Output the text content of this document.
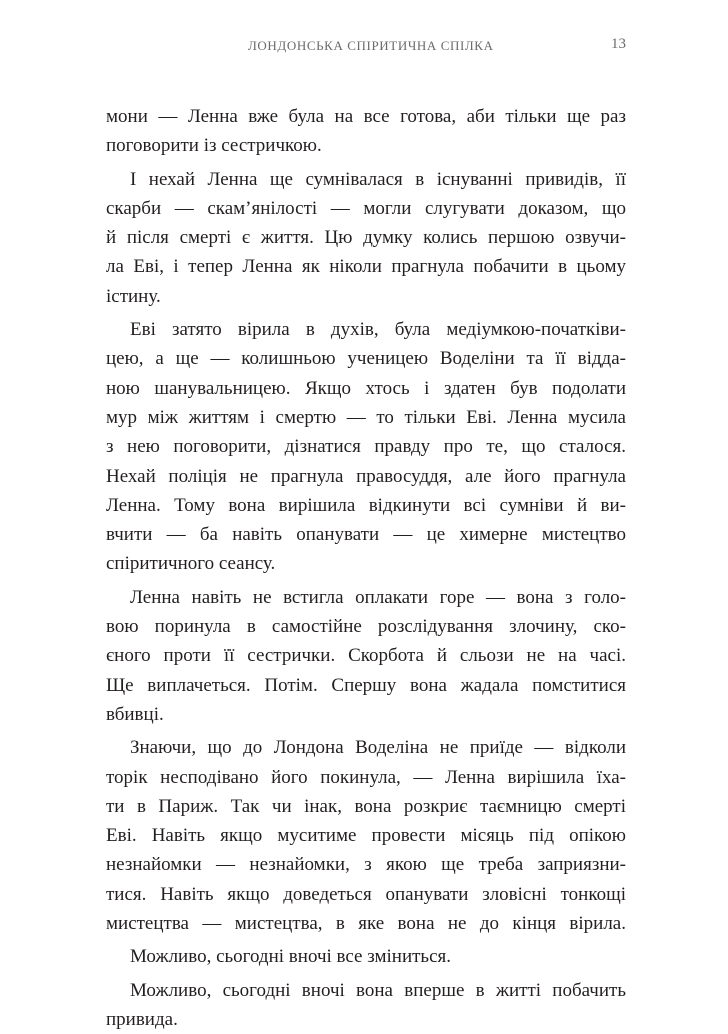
ЛОНДОНСЬКА СПІРИТИЧНА СПІЛКА	13
мони — Ленна вже була на все готова, аби тільки ще раз
поговорити із сестричкою.
І нехай Ленна ще сумнівалася в існуванні привидів, її
скарби — скам’янілості — могли слугувати доказом, що
й після смерті є життя. Цю думку колись першою озвучи-
ла Еві, і тепер Ленна як ніколи прагнула побачити в цьому
істину.
Еві затято вірила в духів, була медіумкою-початківи-
цею, а ще — колишньою ученицею Воделіни та її відда-
ною шанувальницею. Якщо хтось і здатен був подолати
мур між життям і смертю — то тільки Еві. Ленна мусила
з нею поговорити, дізнатися правду про те, що сталося.
Нехай поліція не прагнула правосуддя, але його прагнула
Ленна. Тому вона вирішила відкинути всі сумніви й ви-
вчити — ба навіть опанувати — це химерне мистецтво
спіритичного сеансу.
Ленна навіть не встигла оплакати горе — вона з голо-
вою поринула в самостійне розслідування злочину, ско-
єного проти її сестрички. Скорбота й сльози не на часі.
Ще виплачеться. Потім. Спершу вона жадала помститися
вбивці.
Знаючи, що до Лондона Воделіна не приїде — відколи
торік несподівано його покинула, — Ленна вирішила їха-
ти в Париж. Так чи інак, вона розкриє таємницю смерті
Еві. Навіть якщо муситиме провести місяць під опікою
незнайомки — незнайомки, з якою ще треба заприязни-
тися. Навіть якщо доведеться опанувати зловісні тонкощі
мистецтва — мистецтва, в яке вона не до кінця вірила.
Можливо, сьогодні вночі все зміниться.
Можливо, сьогодні вночі вона вперше в житті побачить
привида.
